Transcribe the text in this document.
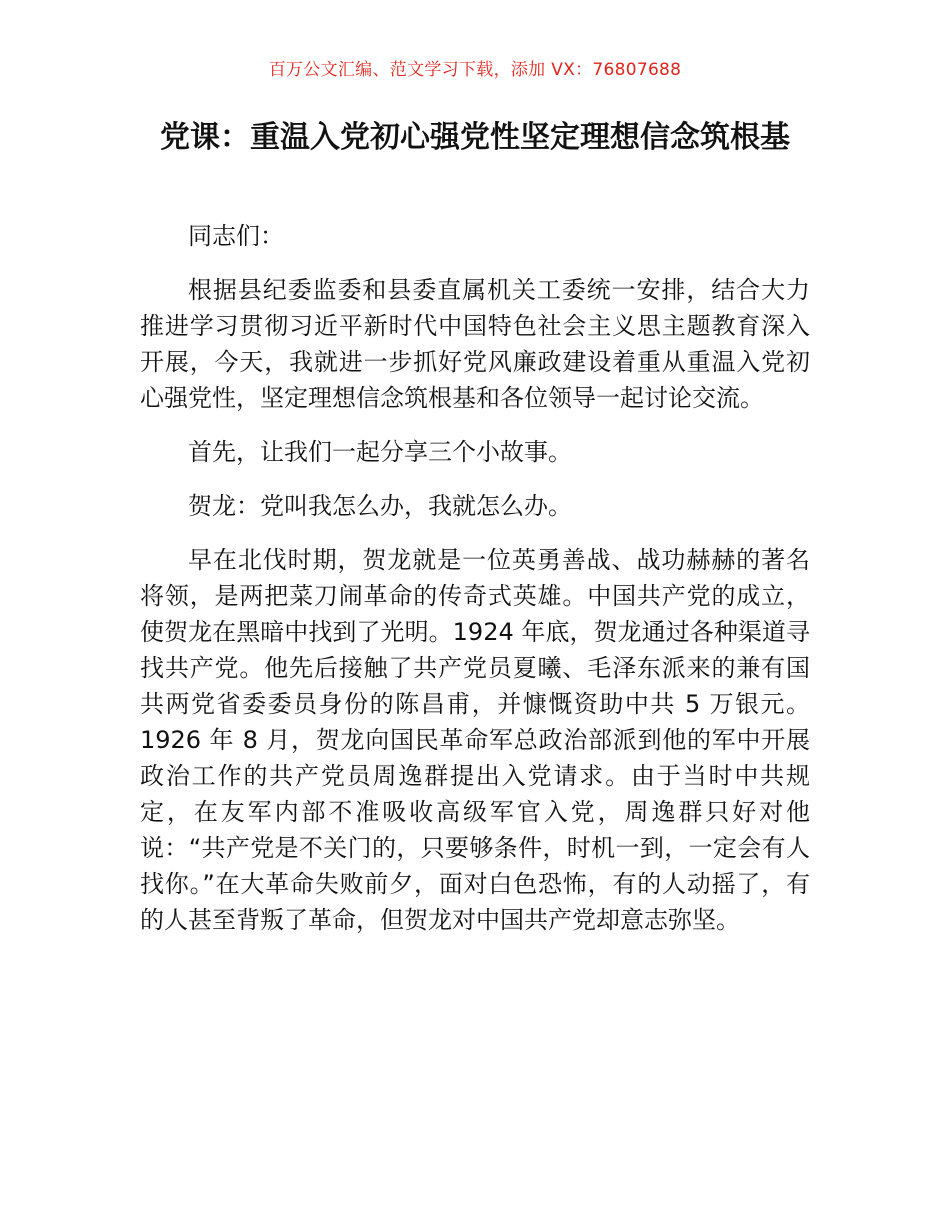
百万公文汇编、范文学习下载，添加 VX：76807688
党课：重温入党初心强党性坚定理想信念筑根基

同志们：

根据县纪委监委和县委直属机关工委统一安排，结合大力推进学习贯彻习近平新时代中国特色社会主义思主题教育深入开展，今天，我就进一步抓好党风廉政建设着重从重温入党初心强党性，坚定理想信念筑根基和各位领导一起讨论交流。

首先，让我们一起分享三个小故事。

贺龙：党叫我怎么办，我就怎么办。

早在北伐时期，贺龙就是一位英勇善战、战功赫赫的著名将领，是两把菜刀闹革命的传奇式英雄。中国共产党的成立，使贺龙在黑暗中找到了光明。1924 年底，贺龙通过各种渠道寻找共产党。他先后接触了共产党员夏曦、毛泽东派来的兼有国共两党省委委员身份的陈昌甫，并慷慨资助中共 5 万银元。1926 年 8 月，贺龙向国民革命军总政治部派到他的军中开展政治工作的共产党员周逸群提出入党请求。由于当时中共规定，在友军内部不准吸收高级军官入党，周逸群只好对他说：“共产党是不关门的，只要够条件，时机一到，一定会有人找你。”在大革命失败前夕，面对白色恐怖，有的人动摇了，有的人甚至背叛了革命，但贺龙对中国共产党却意志弥坚。
